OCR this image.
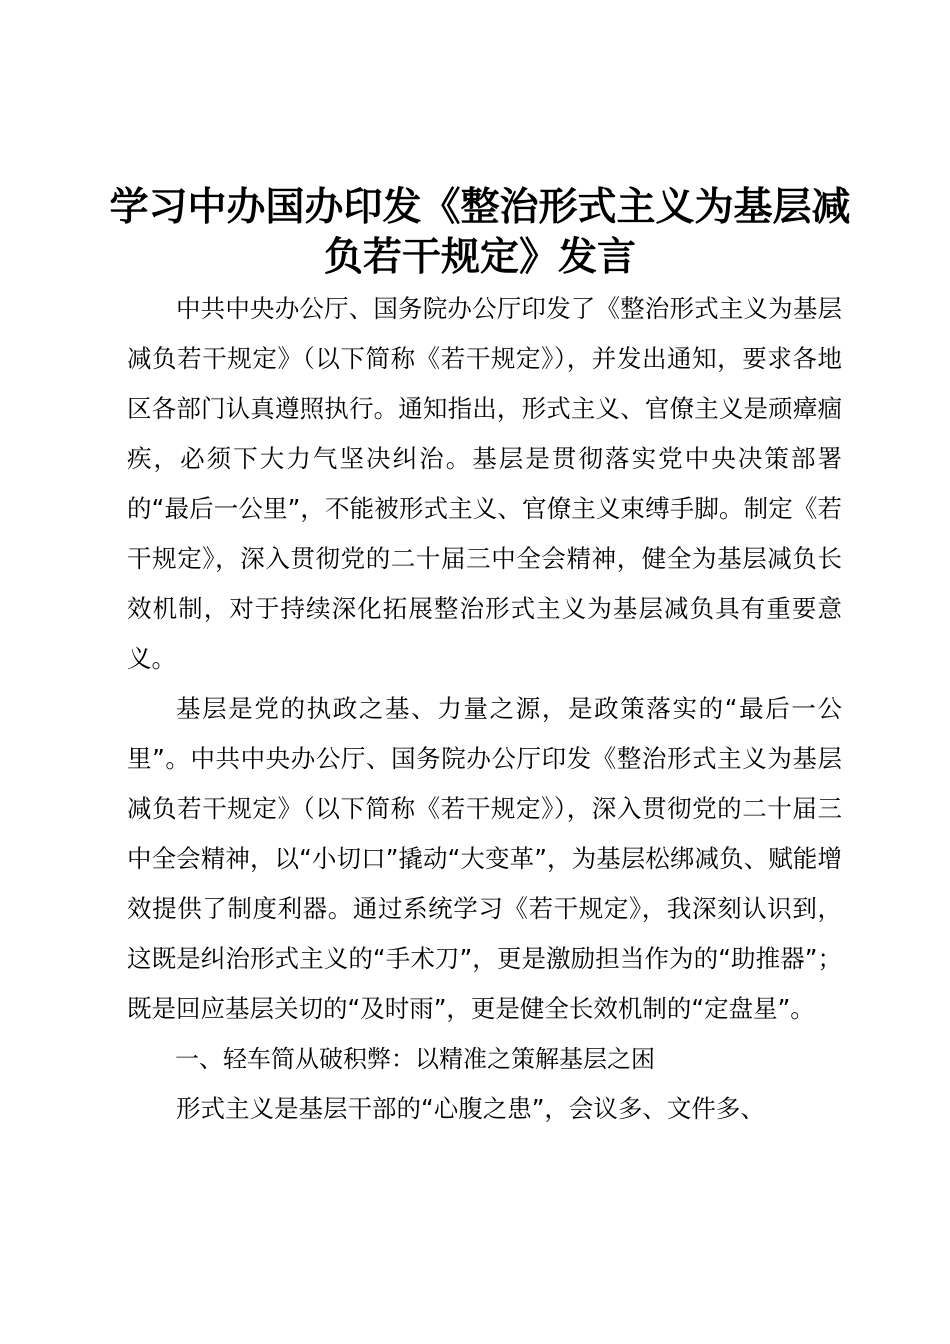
学习中办国办印发《整治形式主义为基层减负若干规定》发言

中共中央办公厅、国务院办公厅印发了《整治形式主义为基层减负若干规定》（以下简称《若干规定》），并发出通知，要求各地区各部门认真遵照执行。通知指出，形式主义、官僚主义是顽瘴痼疾，必须下大力气坚决纠治。基层是贯彻落实党中央决策部署的“最后一公里”，不能被形式主义、官僚主义束缚手脚。制定《若干规定》，深入贯彻党的二十届三中全会精神，健全为基层减负长效机制，对于持续深化拓展整治形式主义为基层减负具有重要意义。

基层是党的执政之基、力量之源，是政策落实的“最后一公里”。中共中央办公厅、国务院办公厅印发《整治形式主义为基层减负若干规定》（以下简称《若干规定》），深入贯彻党的二十届三中全会精神，以“小切口”撬动“大变革”，为基层松绑减负、赋能增效提供了制度利器。通过系统学习《若干规定》，我深刻认识到，这既是纠治形式主义的“手术刀”，更是激励担当作为的“助推器”；既是回应基层关切的“及时雨”，更是健全长效机制的“定盘星”。

一、轻车简从破积弊：以精准之策解基层之困

形式主义是基层干部的“心腹之患”，会议多、文件多、
